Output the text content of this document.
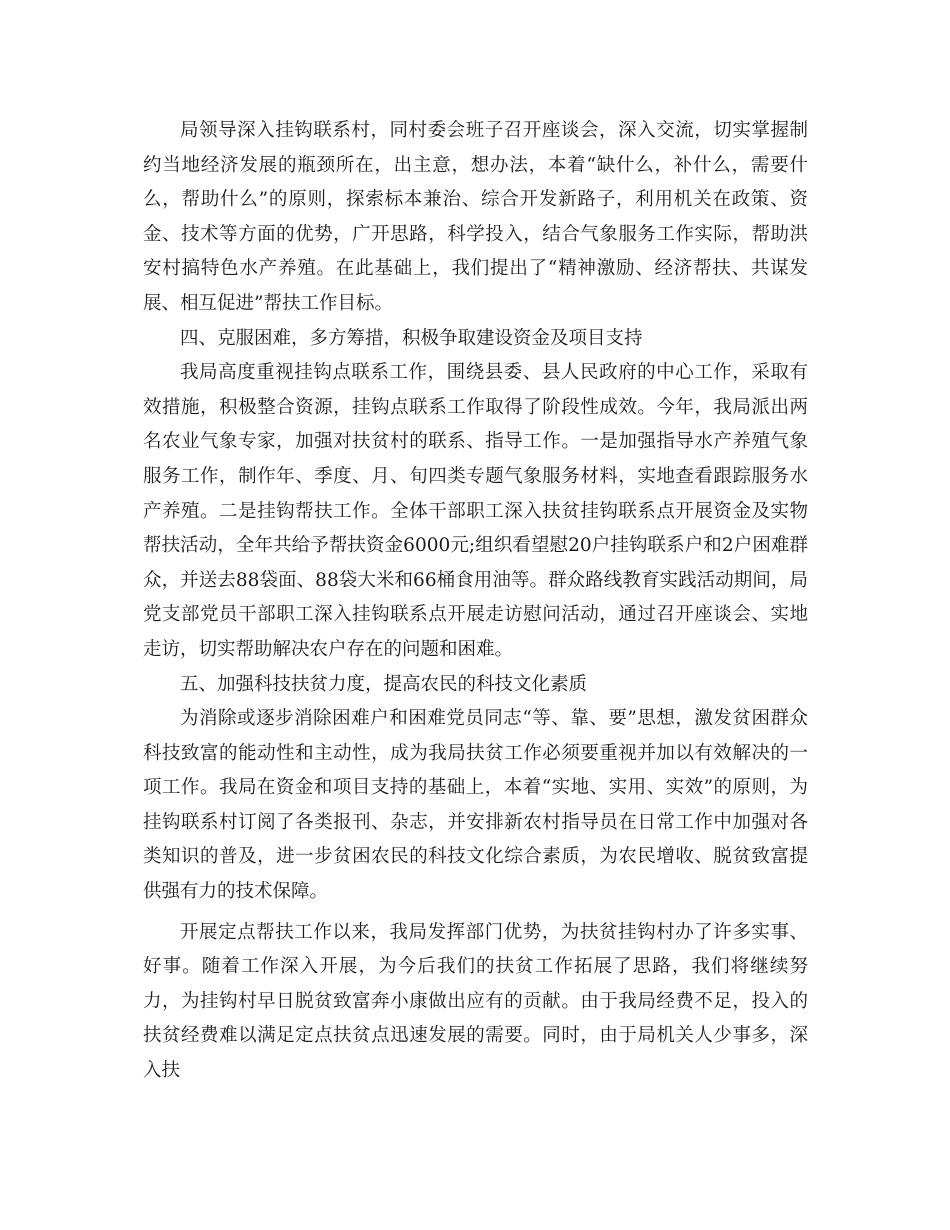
局领导深入挂钩联系村，同村委会班子召开座谈会，深入交流，切实掌握制约当地经济发展的瓶颈所在，出主意，想办法，本着“缺什么，补什么，需要什么，帮助什么”的原则，探索标本兼治、综合开发新路子，利用机关在政策、资金、技术等方面的优势，广开思路，科学投入，结合气象服务工作实际，帮助洪安村搞特色水产养殖。在此基础上，我们提出了“精神激励、经济帮扶、共谋发展、相互促进”帮扶工作目标。

四、克服困难，多方筹措，积极争取建设资金及项目支持

我局高度重视挂钩点联系工作，围绕县委、县人民政府的中心工作，采取有效措施，积极整合资源，挂钩点联系工作取得了阶段性成效。今年，我局派出两名农业气象专家，加强对扶贫村的联系、指导工作。一是加强指导水产养殖气象服务工作，制作年、季度、月、旬四类专题气象服务材料，实地查看跟踪服务水产养殖。二是挂钩帮扶工作。全体干部职工深入扶贫挂钩联系点开展资金及实物帮扶活动，全年共给予帮扶资金6000元;组织看望慰20户挂钩联系户和2户困难群众，并送去88袋面、88袋大米和66桶食用油等。群众路线教育实践活动期间，局党支部党员干部职工深入挂钩联系点开展走访慰问活动，通过召开座谈会、实地走访，切实帮助解决农户存在的问题和困难。

五、加强科技扶贫力度，提高农民的科技文化素质

为消除或逐步消除困难户和困难党员同志“等、靠、要”思想，激发贫困群众科技致富的能动性和主动性，成为我局扶贫工作必须要重视并加以有效解决的一项工作。我局在资金和项目支持的基础上，本着“实地、实用、实效”的原则，为挂钩联系村订阅了各类报刊、杂志，并安排新农村指导员在日常工作中加强对各类知识的普及，进一步贫困农民的科技文化综合素质，为农民增收、脱贫致富提供强有力的技术保障。

开展定点帮扶工作以来，我局发挥部门优势，为扶贫挂钩村办了许多实事、好事。随着工作深入开展，为今后我们的扶贫工作拓展了思路，我们将继续努力，为挂钩村早日脱贫致富奔小康做出应有的贡献。由于我局经费不足，投入的扶贫经费难以满足定点扶贫点迅速发展的需要。同时，由于局机关人少事多，深入扶
